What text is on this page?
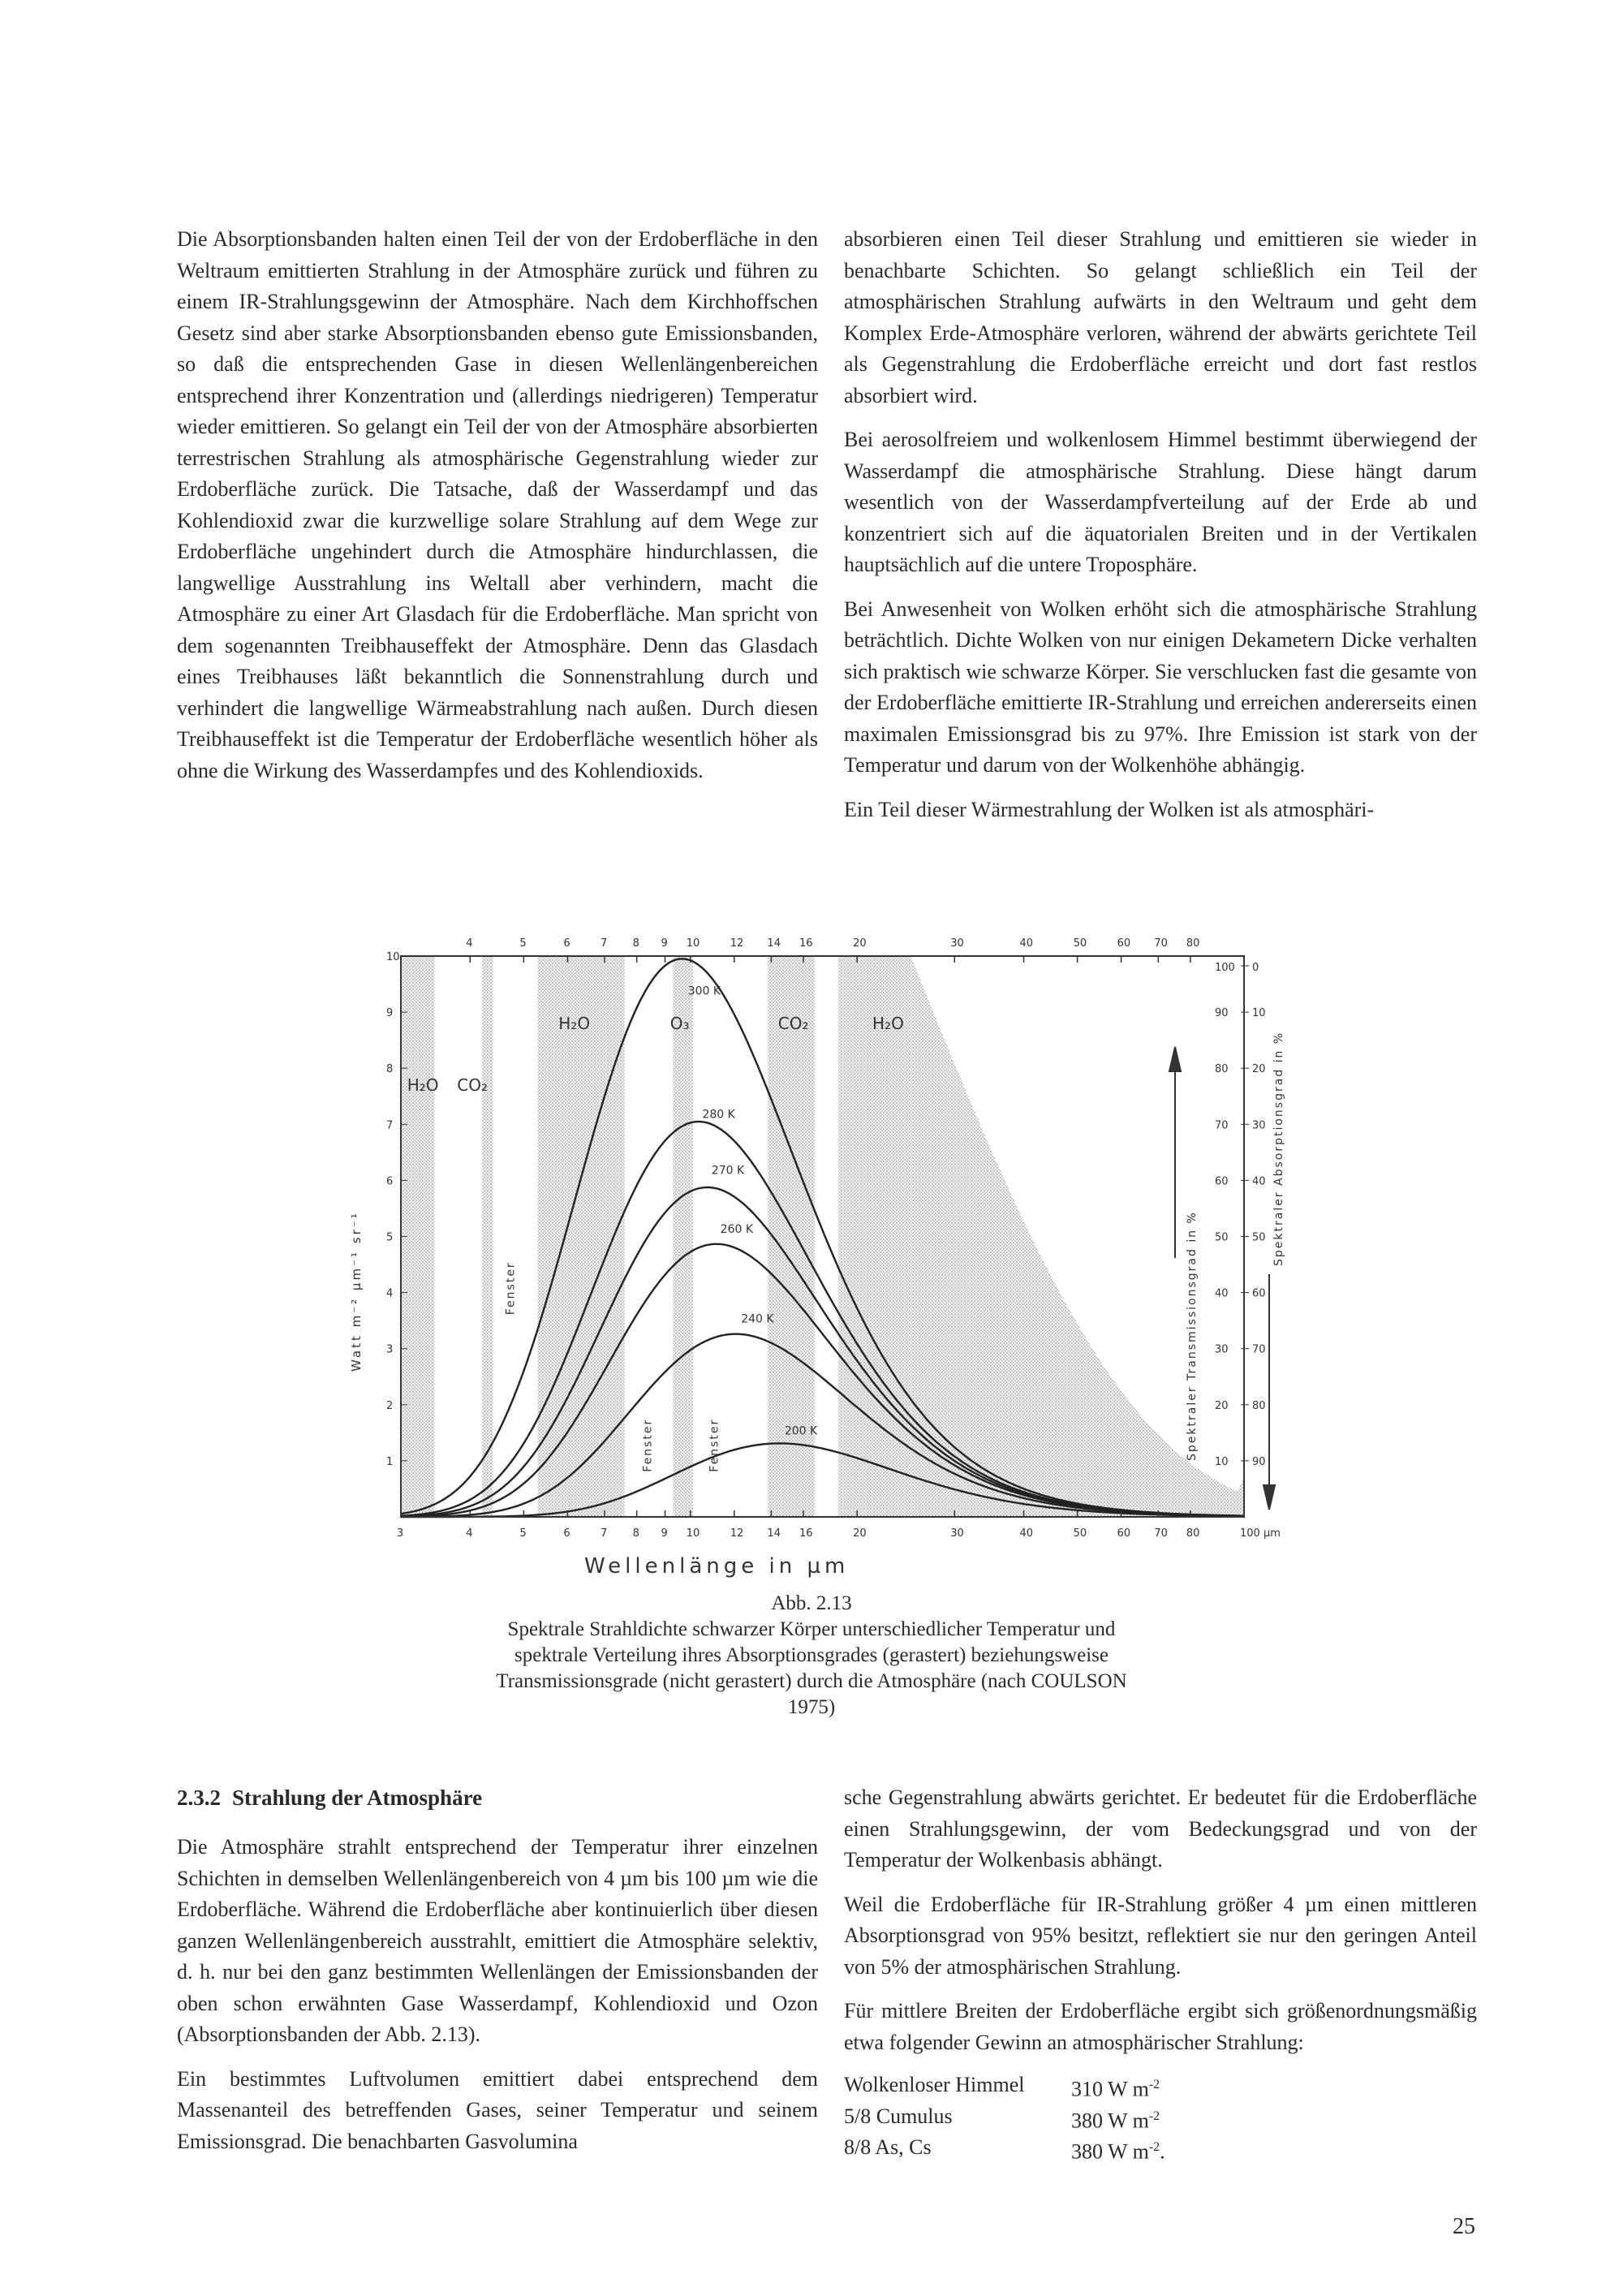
Die Absorptionsbanden halten einen Teil der von der Erdoberfläche in den Weltraum emittierten Strahlung in der Atmosphäre zurück und führen zu einem IR-Strahlungsgewinn der Atmosphäre. Nach dem Kirchhoffschen Gesetz sind aber starke Absorptionsbanden ebenso gute Emissionsbanden, so daß die entsprechenden Gase in diesen Wellenlängenbereichen entsprechend ihrer Konzentration und (allerdings niedrigeren) Temperatur wieder emittieren. So gelangt ein Teil der von der Atmosphäre absorbierten terrestrischen Strahlung als atmosphärische Gegenstrahlung wieder zur Erdoberfläche zurück. Die Tatsache, daß der Wasserdampf und das Kohlendioxid zwar die kurzwellige solare Strahlung auf dem Wege zur Erdoberfläche ungehindert durch die Atmosphäre hindurchlassen, die langwellige Ausstrahlung ins Weltall aber verhindern, macht die Atmosphäre zu einer Art Glasdach für die Erdoberfläche. Man spricht von dem sogenannten Treibhauseffekt der Atmosphäre. Denn das Glasdach eines Treibhauses läßt bekanntlich die Sonnenstrahlung durch und verhindert die langwellige Wärmeabstrahlung nach außen. Durch diesen Treibhauseffekt ist die Temperatur der Erdoberfläche wesentlich höher als ohne die Wirkung des Wasserdampfes und des Kohlendioxids.

absorbieren einen Teil dieser Strahlung und emittieren sie wieder in benachbarte Schichten. So gelangt schließlich ein Teil der atmosphärischen Strahlung aufwärts in den Weltraum und geht dem Komplex Erde-Atmosphäre verloren, während der abwärts gerichtete Teil als Gegenstrahlung die Erdoberfläche erreicht und dort fast restlos absorbiert wird.

Bei aerosolfreiem und wolkenlosem Himmel bestimmt überwiegend der Wasserdampf die atmosphärische Strahlung. Diese hängt darum wesentlich von der Wasserdampfverteilung auf der Erde ab und konzentriert sich auf die äquatorialen Breiten und in der Vertikalen hauptsächlich auf die untere Troposphäre.

Bei Anwesenheit von Wolken erhöht sich die atmosphärische Strahlung beträchtlich. Dichte Wolken von nur einigen Dekametern Dicke verhalten sich praktisch wie schwarze Körper. Sie verschlucken fast die gesamte von der Erdoberfläche emittierte IR-Strahlung und erreichen andererseits einen maximalen Emissionsgrad bis zu 97%. Ihre Emission ist stark von der Temperatur und darum von der Wolkenhöhe abhängig.

Ein Teil dieser Wärmestrahlung der Wolken ist als atmosphäri-

3	4	5	6	7 8 9 10	12 14 16	20	30	40	50	60 70 80	100 µm
4	5	6	7 8 9 10	12 14 16	20	30	40	50	60 70 80
1
100 0
2
90 10
3
80 20
4
70 30
5
60 40
6
50 50
7
40 60
8
30 70
9
20 80
10
10 90
300 K
280 K
270 K
260 K
240 K
200 K
H₂O CO₂
H₂O	O₃	CO₂	H₂O
Fenster
Fenster	Fenster
Wellenlänge in µm
Watt m⁻² µm⁻¹ sr⁻¹	Spektraler Transmissionsgrad in %
Spektraler Absorptionsgrad in %
Abb. 2.13
Spektrale Strahldichte schwarzer Körper unterschiedlicher Temperatur und spektrale Verteilung ihres Absorptionsgrades (gerastert) beziehungsweise Transmissionsgrade (nicht gerastert) durch die Atmosphäre (nach COULSON 1975)
2.3.2 Strahlung der Atmosphäre

Die Atmosphäre strahlt entsprechend der Temperatur ihrer einzelnen Schichten in demselben Wellenlängenbereich von 4 µm bis 100 µm wie die Erdoberfläche. Während die Erdoberfläche aber kontinuierlich über diesen ganzen Wellenlängenbereich ausstrahlt, emittiert die Atmosphäre selektiv, d. h. nur bei den ganz bestimmten Wellenlängen der Emissionsbanden der oben schon erwähnten Gase Wasserdampf, Kohlendioxid und Ozon (Absorptionsbanden der Abb. 2.13).

Ein bestimmtes Luftvolumen emittiert dabei entsprechend dem Massenanteil des betreffenden Gases, seiner Temperatur und seinem Emissionsgrad. Die benachbarten Gasvolumina

sche Gegenstrahlung abwärts gerichtet. Er bedeutet für die Erdoberfläche einen Strahlungsgewinn, der vom Bedeckungsgrad und von der Temperatur der Wolkenbasis abhängt.

Weil die Erdoberfläche für IR-Strahlung größer 4 µm einen mittleren Absorptionsgrad von 95% besitzt, reflektiert sie nur den geringen Anteil von 5% der atmosphärischen Strahlung.

Für mittlere Breiten der Erdoberfläche ergibt sich größenordnungsmäßig etwa folgender Gewinn an atmosphärischer Strahlung:

Wolkenloser Himmel	310 W $m^{-2}$
5/8 Cumulus	380 W $m^{-2}$
8/8 As, Cs	380 W $m^{-2}$.
25
